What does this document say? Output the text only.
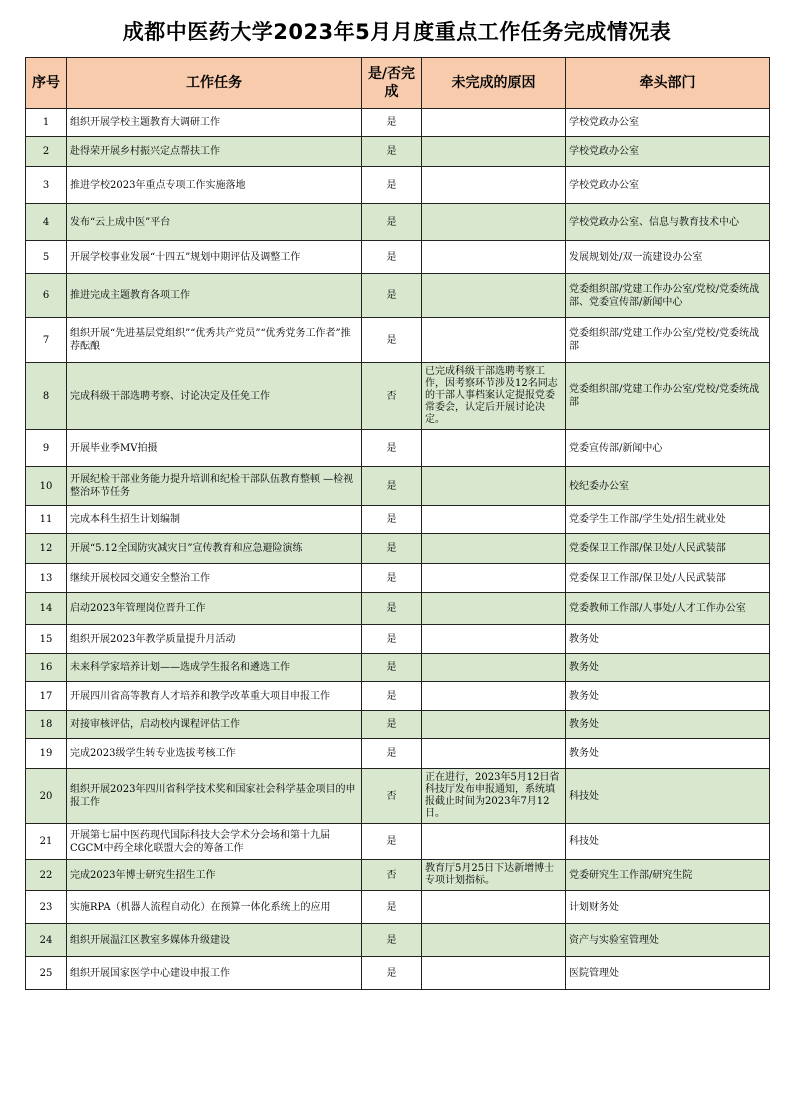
成都中医药大学2023年5月月度重点工作任务完成情况表
序号	工作任务	是/否完成	未完成的原因	牵头部门
1	组织开展学校主题教育大调研工作	是		学校党政办公室
2	赴得荣开展乡村振兴定点帮扶工作	是		学校党政办公室
3	推进学校2023年重点专项工作实施落地	是		学校党政办公室
4	发布“云上成中医”平台	是		学校党政办公室、信息与教育技术中心
5	开展学校事业发展“十四五”规划中期评估及调整工作	是		发展规划处/双一流建设办公室
6	推进完成主题教育各项工作	是		党委组织部/党建工作办公室/党校/党委统战部、党委宣传部/新闻中心
7	组织开展“先进基层党组织”“优秀共产党员”“优秀党务工作者”推荐酝酿	是		党委组织部/党建工作办公室/党校/党委统战部
8	完成科级干部选聘考察、讨论决定及任免工作	否	已完成科级干部选聘考察工作，因考察环节涉及12名同志的干部人事档案认定提报党委常委会，认定后开展讨论决定。	党委组织部/党建工作办公室/党校/党委统战部
9	开展毕业季MV拍摄	是		党委宣传部/新闻中心
10	开展纪检干部业务能力提升培训和纪检干部队伍教育整顿 —检视整治环节任务	是		校纪委办公室
11	完成本科生招生计划编制	是		党委学生工作部/学生处/招生就业处
12	开展“5.12全国防灾减灾日”宣传教育和应急避险演练	是		党委保卫工作部/保卫处/人民武装部
13	继续开展校园交通安全整治工作	是		党委保卫工作部/保卫处/人民武装部
14	启动2023年管理岗位晋升工作	是		党委教师工作部/人事处/人才工作办公室
15	组织开展2023年教学质量提升月活动	是		教务处
16	未来科学家培养计划——选成学生报名和遴选工作	是		教务处
17	开展四川省高等教育人才培养和教学改革重大项目申报工作	是		教务处
18	对接审核评估，启动校内课程评估工作	是		教务处
19	完成2023级学生转专业选拔考核工作	是		教务处
20	组织开展2023年四川省科学技术奖和国家社会科学基金项目的申报工作	否	正在进行，2023年5月12日省科技厅发布申报通知，系统填报截止时间为2023年7月12日。	科技处
21	开展第七届中医药现代国际科技大会学术分会场和第十九届 CGCM中药全球化联盟大会的筹备工作	是		科技处
22	完成2023年博士研究生招生工作	否	教育厅5月25日下达新增博士专项计划指标。	党委研究生工作部/研究生院
23	实施RPA（机器人流程自动化）在预算一体化系统上的应用	是		计划财务处
24	组织开展温江区教室多媒体升级建设	是		资产与实验室管理处
25	组织开展国家医学中心建设申报工作	是		医院管理处
